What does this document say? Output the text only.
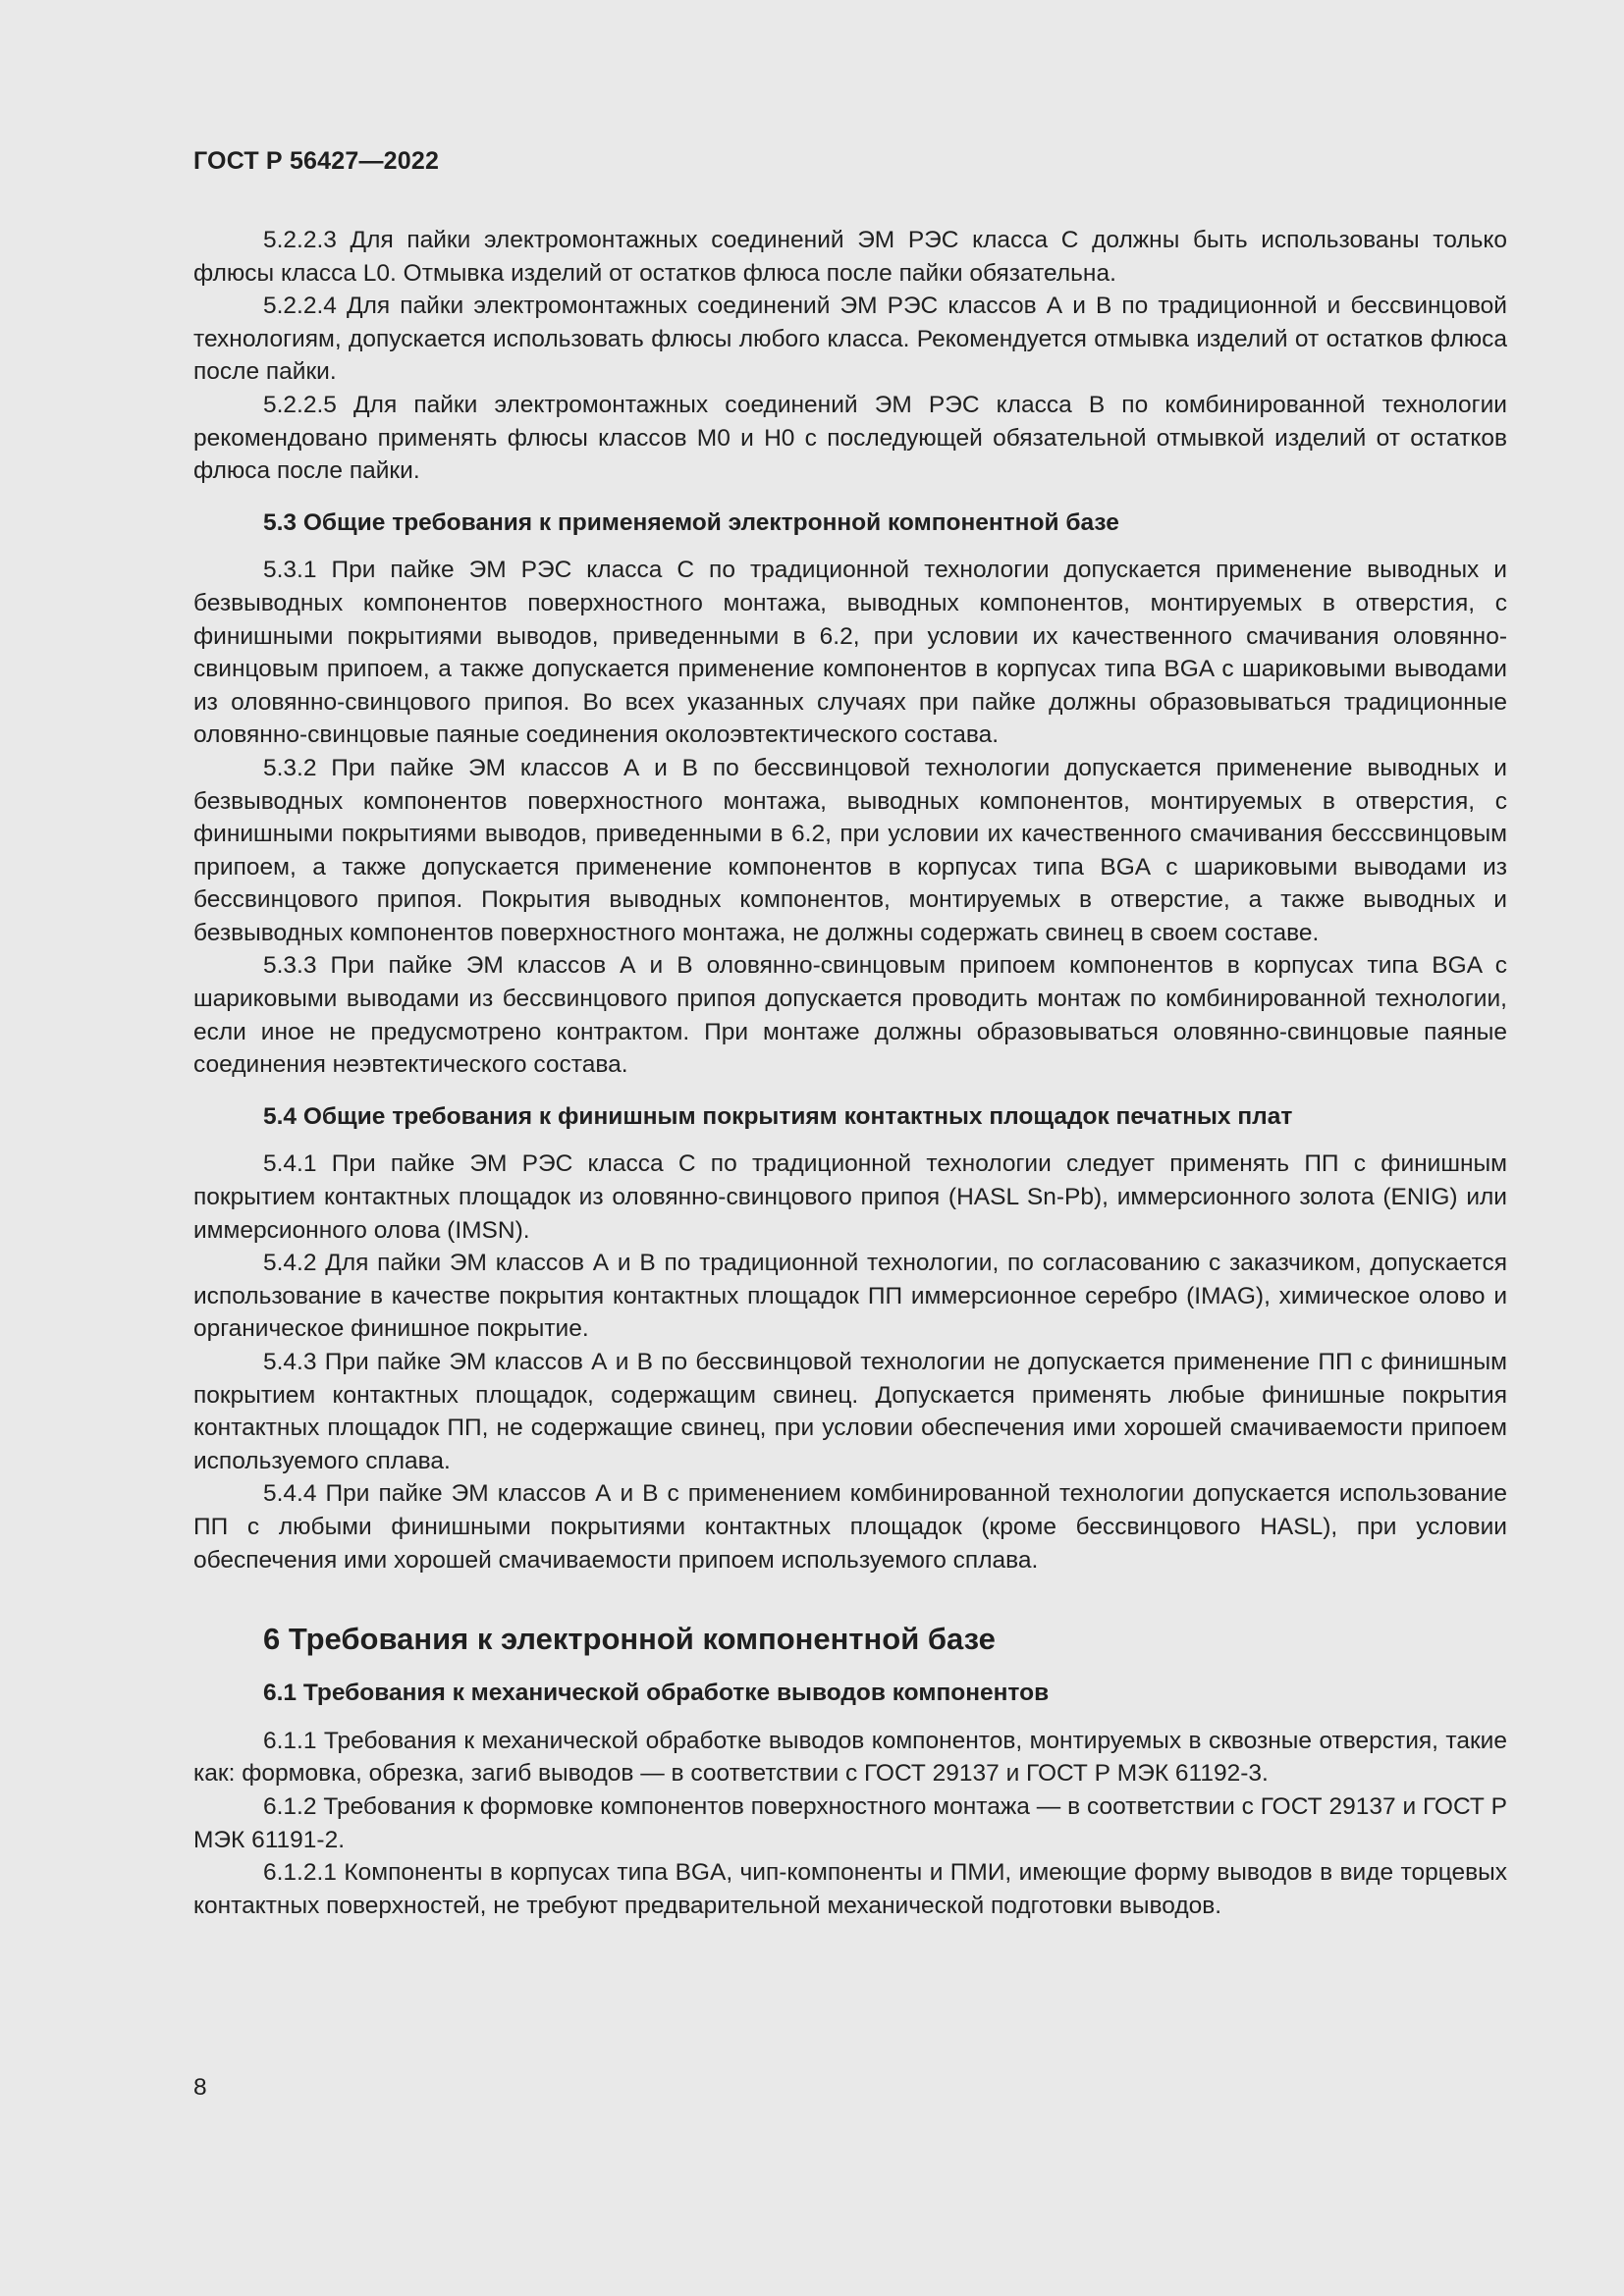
ГОСТ Р 56427—2022

5.2.2.3 Для пайки электромонтажных соединений ЭМ РЭС класса С должны быть использованы только флюсы класса L0. Отмывка изделий от остатков флюса после пайки обязательна.

5.2.2.4 Для пайки электромонтажных соединений ЭМ РЭС классов А и В по традиционной и бессвинцовой технологиям, допускается использовать флюсы любого класса. Рекомендуется отмывка изделий от остатков флюса после пайки.

5.2.2.5 Для пайки электромонтажных соединений ЭМ РЭС класса В по комбинированной технологии рекомендовано применять флюсы классов М0 и Н0 с последующей обязательной отмывкой изделий от остатков флюса после пайки.

5.3 Общие требования к применяемой электронной компонентной базе

5.3.1 При пайке ЭМ РЭС класса С по традиционной технологии допускается применение выводных и безвыводных компонентов поверхностного монтажа, выводных компонентов, монтируемых в отверстия, с финишными покрытиями выводов, приведенными в 6.2, при условии их качественного смачивания оловянно-свинцовым припоем, а также допускается применение компонентов в корпусах типа BGA с шариковыми выводами из оловянно-свинцового припоя. Во всех указанных случаях при пайке должны образовываться традиционные оловянно-свинцовые паяные соединения околоэвтектического состава.

5.3.2 При пайке ЭМ классов А и В по бессвинцовой технологии допускается применение выводных и безвыводных компонентов поверхностного монтажа, выводных компонентов, монтируемых в отверстия, с финишными покрытиями выводов, приведенными в 6.2, при условии их качественного смачивания бессcвинцовым припоем, а также допускается применение компонентов в корпусах типа BGA с шариковыми выводами из бессвинцового припоя. Покрытия выводных компонентов, монтируемых в отверстие, а также выводных и безвыводных компонентов поверхностного монтажа, не должны содержать свинец в своем составе.

5.3.3 При пайке ЭМ классов А и В оловянно-свинцовым припоем компонентов в корпусах типа BGA с шариковыми выводами из бессвинцового припоя допускается проводить монтаж по комбинированной технологии, если иное не предусмотрено контрактом. При монтаже должны образовываться оловянно-свинцовые паяные соединения неэвтектического состава.

5.4 Общие требования к финишным покрытиям контактных площадок печатных плат

5.4.1 При пайке ЭМ РЭС класса С по традиционной технологии следует применять ПП с финишным покрытием контактных площадок из оловянно-свинцового припоя (HASL Sn-Pb), иммерсионного золота (ENIG) или иммерсионного олова (IMSN).

5.4.2 Для пайки ЭМ классов А и В по традиционной технологии, по согласованию с заказчиком, допускается использование в качестве покрытия контактных площадок ПП иммерсионное серебро (IMAG), химическое олово и органическое финишное покрытие.

5.4.3 При пайке ЭМ классов А и В по бессвинцовой технологии не допускается применение ПП с финишным покрытием контактных площадок, содержащим свинец. Допускается применять любые финишные покрытия контактных площадок ПП, не содержащие свинец, при условии обеспечения ими хорошей смачиваемости припоем используемого сплава.

5.4.4 При пайке ЭМ классов А и В с применением комбинированной технологии допускается использование ПП с любыми финишными покрытиями контактных площадок (кроме бессвинцового HASL), при условии обеспечения ими хорошей смачиваемости припоем используемого сплава.

6 Требования к электронной компонентной базе
6.1 Требования к механической обработке выводов компонентов

6.1.1 Требования к механической обработке выводов компонентов, монтируемых в сквозные отверстия, такие как: формовка, обрезка, загиб выводов — в соответствии с ГОСТ 29137 и ГОСТ Р МЭК 61192-3.

6.1.2 Требования к формовке компонентов поверхностного монтажа — в соответствии с ГОСТ 29137 и ГОСТ Р МЭК 61191-2.

6.1.2.1 Компоненты в корпусах типа BGA, чип-компоненты и ПМИ, имеющие форму выводов в виде торцевых контактных поверхностей, не требуют предварительной механической подготовки выводов.

8
